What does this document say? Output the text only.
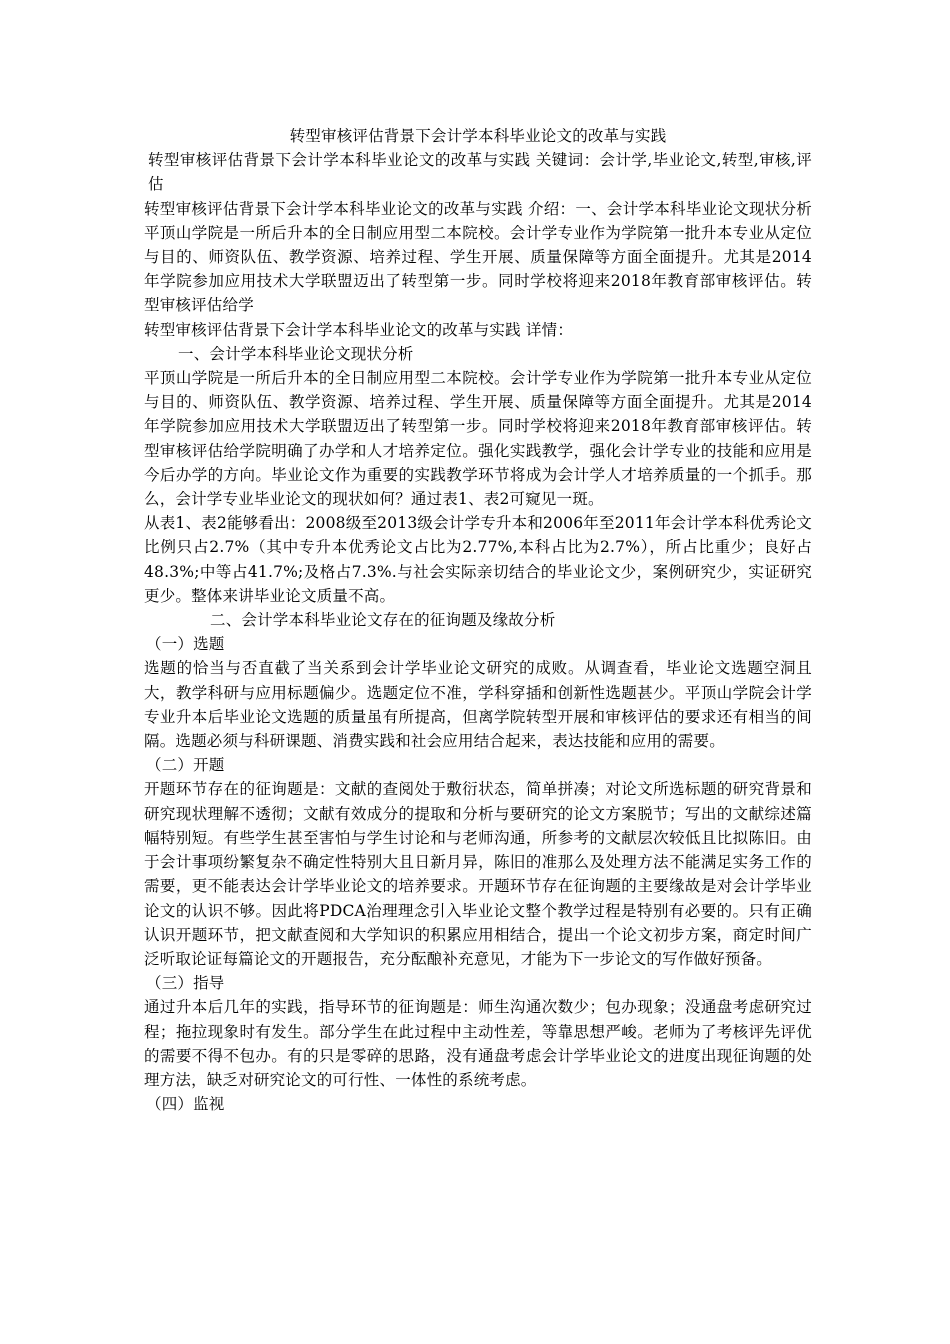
转型审核评估背景下会计学本科毕业论文的改革与实践

转型审核评估背景下会计学本科毕业论文的改革与实践 关键词：会计学,毕业论文,转型,审核,评估

转型审核评估背景下会计学本科毕业论文的改革与实践 介绍：一、会计学本科毕业论文现状分析平顶山学院是一所后升本的全日制应用型二本院校。会计学专业作为学院第一批升本专业从定位与目的、师资队伍、教学资源、培养过程、学生开展、质量保障等方面全面提升。尤其是2014年学院参加应用技术大学联盟迈出了转型第一步。同时学校将迎来2018年教育部审核评估。转型审核评估给学

转型审核评估背景下会计学本科毕业论文的改革与实践 详情：

一、会计学本科毕业论文现状分析

平顶山学院是一所后升本的全日制应用型二本院校。会计学专业作为学院第一批升本专业从定位与目的、师资队伍、教学资源、培养过程、学生开展、质量保障等方面全面提升。尤其是2014年学院参加应用技术大学联盟迈出了转型第一步。同时学校将迎来2018年教育部审核评估。转型审核评估给学院明确了办学和人才培养定位。强化实践教学，强化会计学专业的技能和应用是今后办学的方向。毕业论文作为重要的实践教学环节将成为会计学人才培养质量的一个抓手。那么，会计学专业毕业论文的现状如何？通过表1、表2可窥见一斑。

从表1、表2能够看出：2008级至2013级会计学专升本和2006年至2011年会计学本科优秀论文比例只占2.7%（其中专升本优秀论文占比为2.77%,本科占比为2.7%），所占比重少；良好占48.3%;中等占41.7%;及格占7.3%.与社会实际亲切结合的毕业论文少，案例研究少，实证研究更少。整体来讲毕业论文质量不高。

二、会计学本科毕业论文存在的征询题及缘故分析

（一）选题

选题的恰当与否直截了当关系到会计学毕业论文研究的成败。从调查看，毕业论文选题空洞且大，教学科研与应用标题偏少。选题定位不准，学科穿插和创新性选题甚少。平顶山学院会计学专业升本后毕业论文选题的质量虽有所提高，但离学院转型开展和审核评估的要求还有相当的间隔。选题必须与科研课题、消费实践和社会应用结合起来，表达技能和应用的需要。

（二）开题

开题环节存在的征询题是：文献的查阅处于敷衍状态，简单拼凑；对论文所选标题的研究背景和研究现状理解不透彻；文献有效成分的提取和分析与要研究的论文方案脱节；写出的文献综述篇幅特别短。有些学生甚至害怕与学生讨论和与老师沟通，所参考的文献层次较低且比拟陈旧。由于会计事项纷繁复杂不确定性特别大且日新月异，陈旧的准那么及处理方法不能满足实务工作的需要，更不能表达会计学毕业论文的培养要求。开题环节存在征询题的主要缘故是对会计学毕业论文的认识不够。因此将PDCA治理理念引入毕业论文整个教学过程是特别有必要的。只有正确认识开题环节，把文献查阅和大学知识的积累应用相结合，提出一个论文初步方案，商定时间广泛听取论证每篇论文的开题报告，充分酝酿补充意见，才能为下一步论文的写作做好预备。

（三）指导

通过升本后几年的实践，指导环节的征询题是：师生沟通次数少；包办现象；没通盘考虑研究过程；拖拉现象时有发生。部分学生在此过程中主动性差，等靠思想严峻。老师为了考核评先评优的需要不得不包办。有的只是零碎的思路，没有通盘考虑会计学毕业论文的进度出现征询题的处理方法，缺乏对研究论文的可行性、一体性的系统考虑。

（四）监视
